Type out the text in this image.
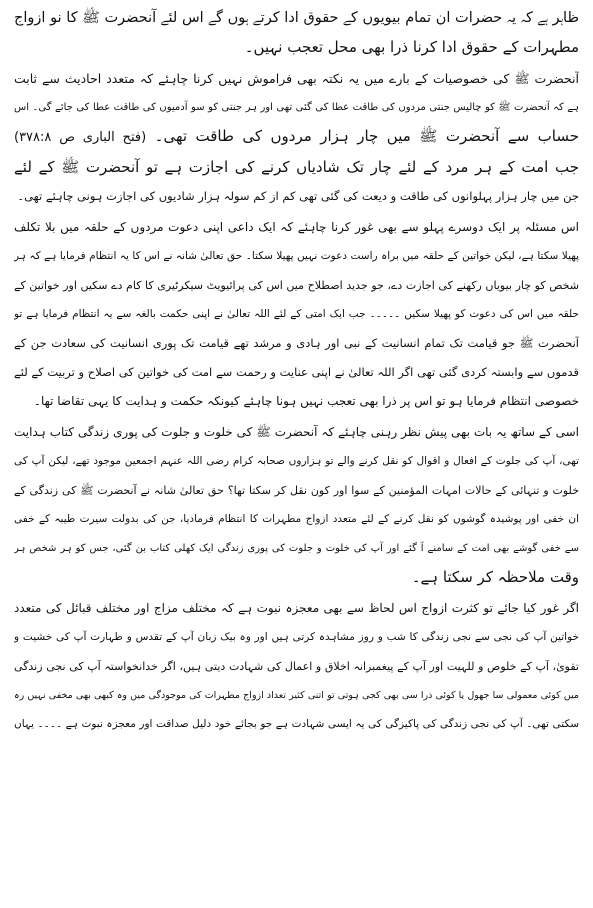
ظاہر ہے کہ یہ حضرات ان تمام بیویوں کے حقوق ادا کرتے ہوں گے اس لئے آنحضرت ﷺ کا نو ازواج
مطہرات کے حقوق ادا کرنا ذرا بھی محل تعجب نہیں۔
آنحضرت ﷺ کی خصوصیات کے بارے میں یہ نکتہ بھی فراموش نہیں کرنا چاہئے کہ متعدد احادیث سے ثابت
ہے کہ آنحضرت ﷺ کو چالیس جنتی مردوں کی طاقت عطا کی گئی تھی اور ہر جنتی کو سو آدمیوں کی طاقت عطا کی جائے گی۔ اس
حساب سے آنحضرت ﷺ میں چار ہزار مردوں کی طاقت تھی۔ (فتح الباری ص ۳۷۸:۸)
جب امت کے ہر مرد کے لئے چار تک شادیاں کرنے کی اجازت ہے تو آنحضرت ﷺ کے لئے
جن میں چار ہزار پہلوانوں کی طاقت و دیعت کی گئی تھی کم از کم سولہ ہزار شادیوں کی اجازت ہونی چاہئے تھی۔
اس مسئلہ پر ایک دوسرے پہلو سے بھی غور کرنا چاہئے کہ ایک داعی اپنی دعوت مردوں کے حلقہ میں بلا تکلف
پھیلا سکتا ہے، لیکن خواتین کے حلقہ میں براہ راست دعوت نہیں پھیلا سکتا۔ حق تعالیٰ شانہ نے اس کا یہ انتظام فرمایا ہے کہ ہر
شخص کو چار بیویاں رکھنے کی اجازت دے، جو جدید اصطلاح میں اس کی پرائیویٹ سیکرٹیری کا کام دے سکیں اور خواتین کے
حلقہ میں اس کی دعوت کو پھیلا سکیں ۔۔۔۔۔ جب ایک امتی کے لئے اللہ تعالیٰ نے اپنی حکمت بالغہ سے یہ انتظام فرمایا ہے تو
آنحضرت ﷺ جو قیامت تک تمام انسانیت کے نبی اور ہادی و مرشد تھے قیامت تک پوری انسانیت کی سعادت جن کے
قدموں سے وابستہ کردی گئی تھی اگر اللہ تعالیٰ نے اپنی عنایت و رحمت سے امت کی خواتین کی اصلاح و تربیت کے لئے
خصوصی انتظام فرمایا ہو تو اس پر ذرا بھی تعجب نہیں ہونا چاہئے کیونکہ حکمت و ہدایت کا یہی تقاضا تھا۔
اسی کے ساتھ یہ بات بھی پیش نظر رہنی چاہئے کہ آنحضرت ﷺ کی خلوت و جلوت کی پوری زندگی کتاب ہدایت
تھی، آپ کی جلوت کے افعال و اقوال کو نقل کرنے والے تو ہزاروں صحابہ کرام رضی اللہ عنہم اجمعین موجود تھے، لیکن آپ کی
خلوت و تنہائی کے حالات امہات المؤمنین کے سوا اور کون نقل کر سکتا تھا؟ حق تعالیٰ شانہ نے آنحضرت ﷺ کی زندگی کے
ان خفی اور پوشیدہ گوشوں کو نقل کرنے کے لئے متعدد ازواج مطہرات کا انتظام فرمادیا، جن کی بدولت سیرت طیبہ کے خفی
سے خفی گوشے بھی امت کے سامنے آ گئے اور آپ کی خلوت و جلوت کی پوری زندگی ایک کھلی کتاب بن گئی، جس کو ہر شخص ہر
وقت ملاحظہ کر سکتا ہے۔
اگر غور کیا جائے تو کثرت ازواج اس لحاظ سے بھی معجزہ نبوت ہے کہ مختلف مزاج اور مختلف قبائل کی متعدد
خواتین آپ کی نجی سے نجی زندگی کا شب و روز مشاہدہ کرتی ہیں اور وہ بیک زبان آپ کے تقدس و طہارت آپ کی خشیت و
تقویٰ، آپ کے خلوص و للہیت اور آپ کے پیغمبرانہ اخلاق و اعمال کی شہادت دیتی ہیں، اگر خدانخواستہ آپ کی نجی زندگی
میں کوئی معمولی سا جھول یا کوئی ذرا سی بھی کجی ہوتی تو اتنی کثیر تعداد ازواج مطہرات کی موجودگی میں وہ کبھی بھی مخفی نہیں رہ
سکتی تھی۔ آپ کی نجی زندگی کی پاکیزگی کی یہ ایسی شہادت ہے جو بجائے خود دلیل صداقت اور معجزہ نبوت ہے ۔۔۔۔ یہاں
